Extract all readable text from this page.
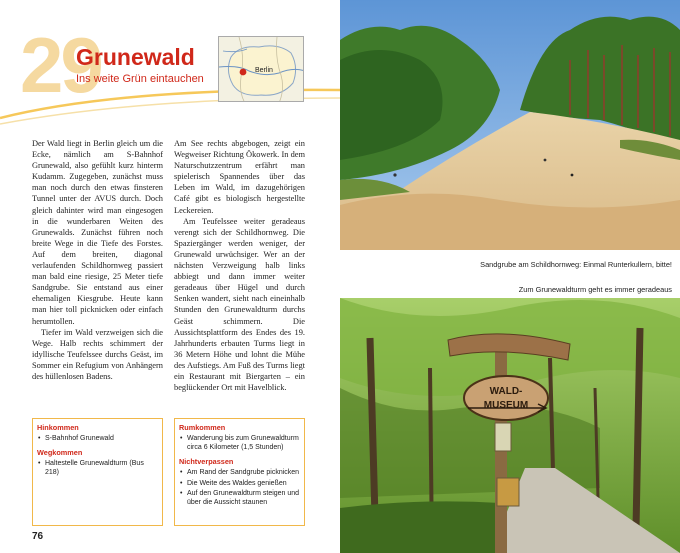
29
Grunewald
Ins weite Grün eintauchen
Berlin

Der Wald liegt in Berlin gleich um die Ecke, nämlich am S-Bahnhof Grunewald, also gefühlt kurz hinterm Kudamm. Zugegeben, zunächst muss man noch durch den etwas finsteren Tunnel unter der AVUS durch. Doch gleich dahinter wird man eingesogen in die wunderbaren Weiten des Grunewalds. Zunächst führen noch breite Wege in die Tiefe des Forstes. Auf dem breiten, diagonal verlaufenden Schildhornweg passiert man bald eine riesige, 25 Meter tiefe Sandgrube. Sie entstand aus einer ehemaligen Kiesgrube. Heute kann man hier toll picknicken oder einfach herumtollen.

Tiefer im Wald verzweigen sich die Wege. Halb rechts schimmert der idyllische Teufelssee durchs Geäst, im Sommer ein Refugium von Anhängern des hüllenlosen Badens.

Am See rechts abgebogen, zeigt ein Wegweiser Richtung Ökowerk. In dem Naturschutzzentrum erfährt man spielerisch Spannendes über das Leben im Wald, im dazugehörigen Café gibt es biologisch hergestellte Leckereien.

Am Teufelssee weiter geradeaus verengt sich der Schildhornweg. Die Spaziergänger werden weniger, der Grunewald urwüchsiger. Wer an der nächsten Verzweigung halb links abbiegt und dann immer weiter geradeaus über Hügel und durch Senken wandert, sieht nach eineinhalb Stunden den Grunewaldturm durchs Geäst schimmern. Die Aussichtsplattform des Endes des 19. Jahrhunderts erbauten Turms liegt in 36 Metern Höhe und lohnt die Mühe des Aufstiegs. Am Fuß des Turms liegt ein Restaurant mit Biergarten – ein beglückender Ort mit Havelblick.

Hinkommen
• S-Bahnhof Grunewald
Wegkommen
• Haltestelle Grunewaldturm (Bus 218)
Rumkommen
• Wanderung bis zum Grunewaldturm circa 6 Kilometer (1,5 Stunden)
Nichtverpassen
• Am Rand der Sandgrube picknicken
• Die Weite des Waldes genießen
• Auf den Grunewaldturm steigen und über die Aussicht staunen
76
Sandgrube am Schildhornweg: Einmal Runterkullern, bitte!
Zum Grunewaldturm geht es immer geradeaus
WALD-
MUSEUM
